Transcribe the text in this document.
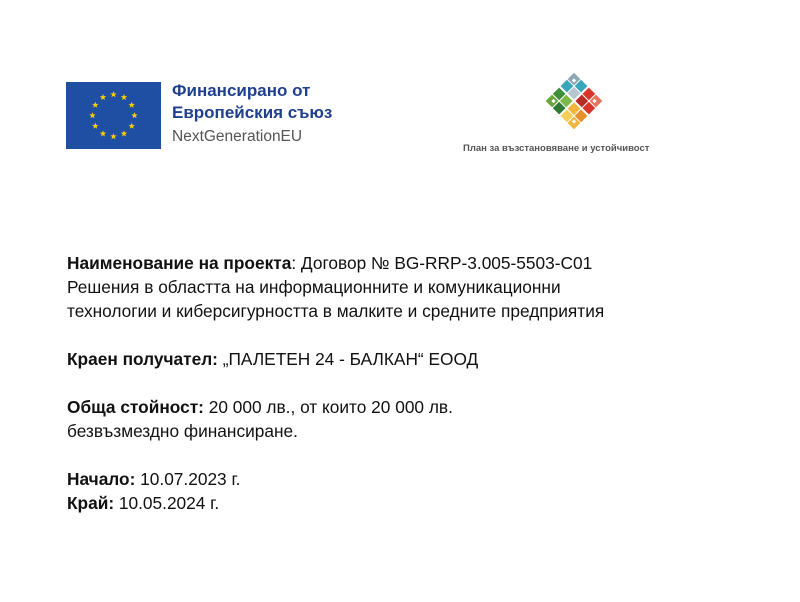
Финансирано от
Европейския съюз
NextGenerationEU
План за възстановяване и устойчивост
Наименование на проекта: Договор № BG-RRP-3.005-5503-C01
Решения в областта на информационните и комуникационни
технологии и киберсигурността в малките и средните предприятия
Краен получател: „ПАЛЕТЕН 24 - БАЛКАН“ ЕООД
Обща стойност: 20 000 лв., от които 20 000 лв.
безвъзмездно финансиране.
Начало: 10.07.2023 г.
Край: 10.05.2024 г.
